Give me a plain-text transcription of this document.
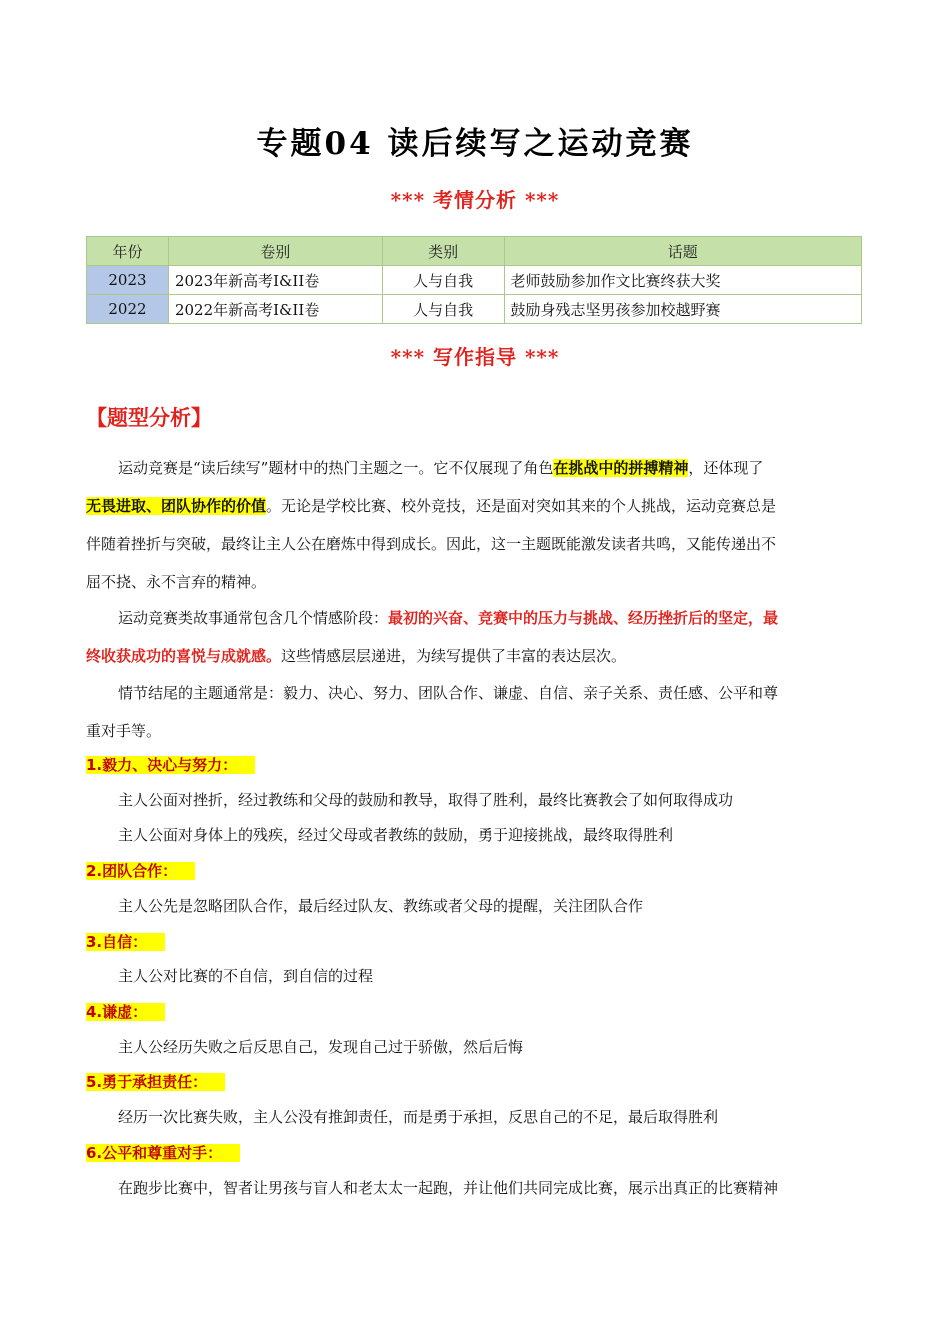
专题04 读后续写之运动竞赛
*** 考情分析 ***
年份	卷别	类别	话题
2023	2023年新高考I&II卷	人与自我	老师鼓励参加作文比赛终获大奖
2022	2022年新高考I&II卷	人与自我	鼓励身残志坚男孩参加校越野赛
*** 写作指导 ***
【题型分析】
运动竞赛是“读后续写”题材中的热门主题之一。它不仅展现了角色在挑战中的拼搏精神，还体现了
无畏进取、团队协作的价值。无论是学校比赛、校外竞技，还是面对突如其来的个人挑战，运动竞赛总是
伴随着挫折与突破，最终让主人公在磨炼中得到成长。因此，这一主题既能激发读者共鸣，又能传递出不
屈不挠、永不言弃的精神。
运动竞赛类故事通常包含几个情感阶段：最初的兴奋、竞赛中的压力与挑战、经历挫折后的坚定，最
终收获成功的喜悦与成就感。这些情感层层递进，为续写提供了丰富的表达层次。
情节结尾的主题通常是：毅力、决心、努力、团队合作、谦虚、自信、亲子关系、责任感、公平和尊
重对手等。
1.毅力、决心与努力：
主人公面对挫折，经过教练和父母的鼓励和教导，取得了胜利，最终比赛教会了如何取得成功
主人公面对身体上的残疾，经过父母或者教练的鼓励，勇于迎接挑战，最终取得胜利
2.团队合作：
主人公先是忽略团队合作，最后经过队友、教练或者父母的提醒，关注团队合作
3.自信：
主人公对比赛的不自信，到自信的过程
4.谦虚：
主人公经历失败之后反思自己，发现自己过于骄傲，然后后悔
5.勇于承担责任：
经历一次比赛失败，主人公没有推卸责任，而是勇于承担，反思自己的不足，最后取得胜利
6.公平和尊重对手：
在跑步比赛中，智者让男孩与盲人和老太太一起跑，并让他们共同完成比赛，展示出真正的比赛精神
